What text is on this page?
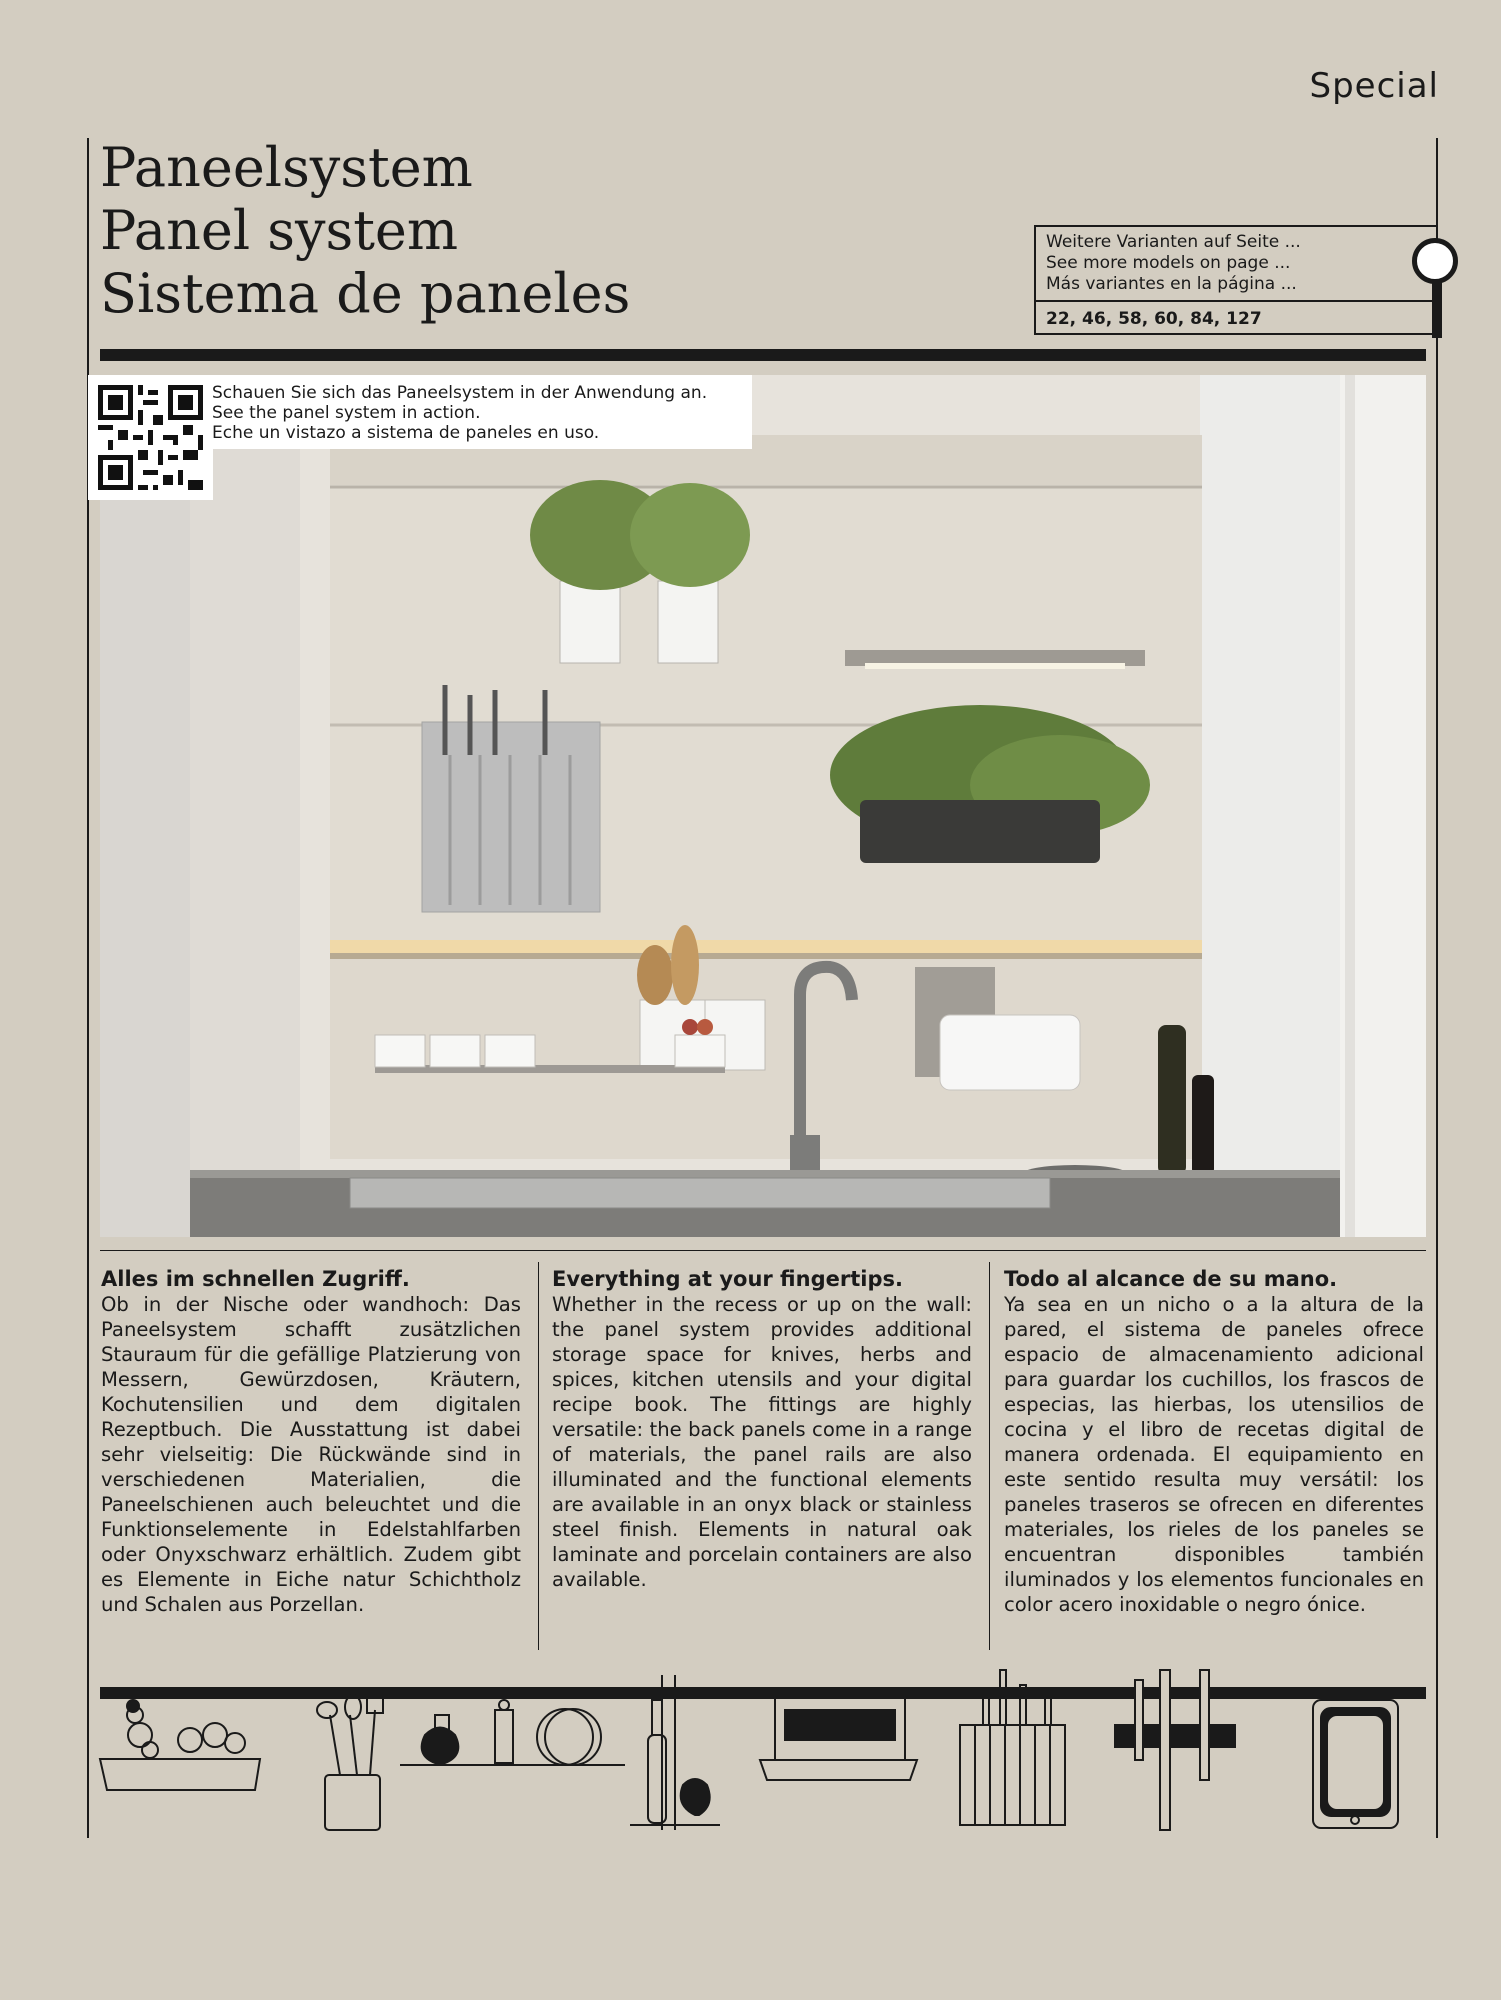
Special
Paneelsystem
Panel system
Sistema de paneles
Weitere Varianten auf Seite ...
See more models on page ...
Más variantes en la página ...
22, 46, 58, 60, 84, 127
Schauen Sie sich das Paneelsystem in der Anwendung an.
See the panel system in action.
Eche un vistazo a sistema de paneles en uso.
Alles im schnellen Zugriff.

Ob in der Nische oder wandhoch: Das Paneelsystem schafft zusätzlichen Stauraum für die gefällige Platzierung von Messern, Gewürzdosen, Kräutern, Kochutensilien und dem digitalen Rezeptbuch. Die Ausstattung ist dabei sehr vielseitig: Die Rückwände sind in verschiedenen Materialien, die Paneelschienen auch beleuchtet und die Funktionselemente in Edelstahlfarben oder Onyxschwarz erhältlich. Zudem gibt es Elemente in Eiche natur Schichtholz und Schalen aus Porzellan.

Everything at your fingertips.

Whether in the recess or up on the wall: the panel system provides additional storage space for knives, herbs and spices, kitchen utensils and your digital recipe book. The fittings are highly versatile: the back panels come in a range of materials, the panel rails are also illuminated and the functional elements are available in an onyx black or stainless steel finish. Elements in natural oak laminate and porcelain containers are also available.

Todo al alcance de su mano.

Ya sea en un nicho o a la altura de la pared, el sistema de paneles ofrece espacio de almacenamiento adicional para guardar los cuchillos, los frascos de especias, las hierbas, los utensilios de cocina y el libro de recetas digital de manera ordenada. El equipamiento en este sentido resulta muy versátil: los paneles traseros se ofrecen en diferentes materiales, los rieles de los paneles se encuentran disponibles también iluminados y los elementos funcionales en color acero inoxidable o negro ónice.
